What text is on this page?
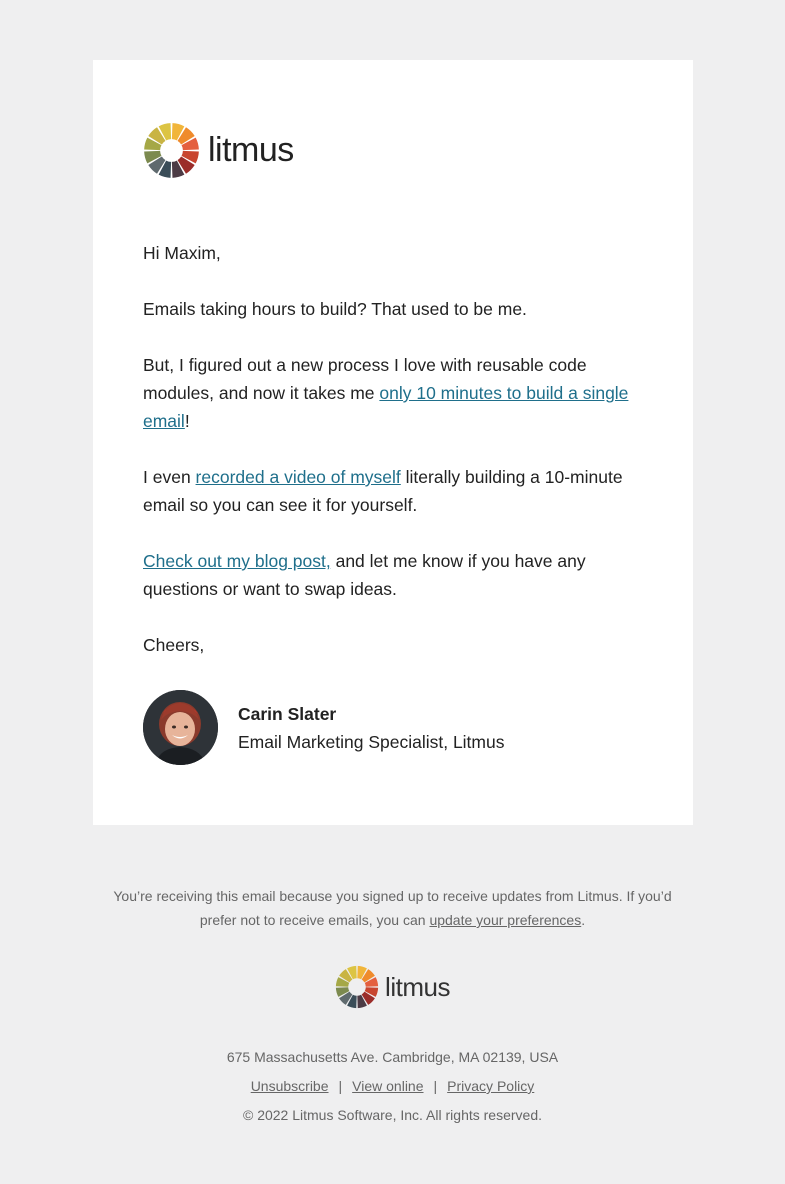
litmus

Hi Maxim,

Emails taking hours to build? That used to be me.

But, I figured out a new process I love with reusable code modules, and now it takes me only 10 minutes to build a single email!

I even recorded a video of myself literally building a 10-minute email so you can see it for yourself.

Check out my blog post, and let me know if you have any questions or want to swap ideas.

Cheers,

Carin Slater
Email Marketing Specialist, Litmus
You’re receiving this email because you signed up to receive updates from Litmus. If you’d prefer not to receive emails, you can update your preferences.
litmus
675 Massachusetts Ave. Cambridge, MA 02139, USA
Unsubscribe | View online | Privacy Policy
© 2022 Litmus Software, Inc. All rights reserved.
